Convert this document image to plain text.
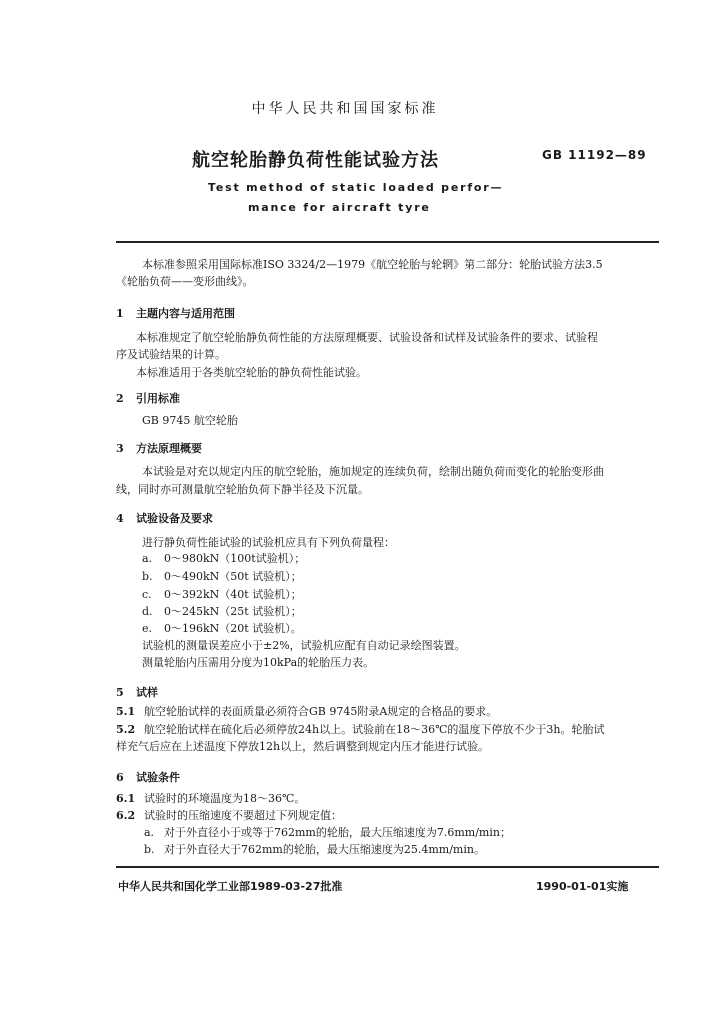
中华人民共和国国家标准
航空轮胎静负荷性能试验方法	GB 11192—89
Test method of static loaded perfor—
mance for aircraft tyre
本标准参照采用国际标准ISO 3324/2—1979《航空轮胎与轮辋》第二部分：轮胎试验方法3.5
《轮胎负荷——变形曲线》。
1 主题内容与适用范围
本标准规定了航空轮胎静负荷性能的方法原理概要、试验设备和试样及试验条件的要求、试验程
序及试验结果的计算。
本标准适用于各类航空轮胎的静负荷性能试验。
2 引用标准
GB 9745 航空轮胎
3 方法原理概要
本试验是对充以规定内压的航空轮胎，施加规定的连续负荷，绘制出随负荷而变化的轮胎变形曲
线，同时亦可测量航空轮胎负荷下静半径及下沉量。
4 试验设备及要求
进行静负荷性能试验的试验机应具有下列负荷量程：
a. 0～980kN（100t试验机）；
b. 0～490kN（50t 试验机）；
c. 0～392kN（40t 试验机）；
d. 0～245kN（25t 试验机）；
e. 0～196kN（20t 试验机）。
试验机的测量误差应小于±2%，试验机应配有自动记录绘图装置。
测量轮胎内压需用分度为10kPa的轮胎压力表。
5 试样
5.1 航空轮胎试样的表面质量必须符合GB 9745附录A规定的合格品的要求。
5.2 航空轮胎试样在硫化后必须停放24h以上。试验前在18～36℃的温度下停放不少于3h。轮胎试
样充气后应在上述温度下停放12h以上，然后调整到规定内压才能进行试验。
6 试验条件
6.1 试验时的环境温度为18～36℃。
6.2 试验时的压缩速度不要超过下列规定值：
a. 对于外直径小于或等于762mm的轮胎，最大压缩速度为7.6mm/min；
b. 对于外直径大于762mm的轮胎，最大压缩速度为25.4mm/min。
中华人民共和国化学工业部1989-03-27批准	1990-01-01实施
